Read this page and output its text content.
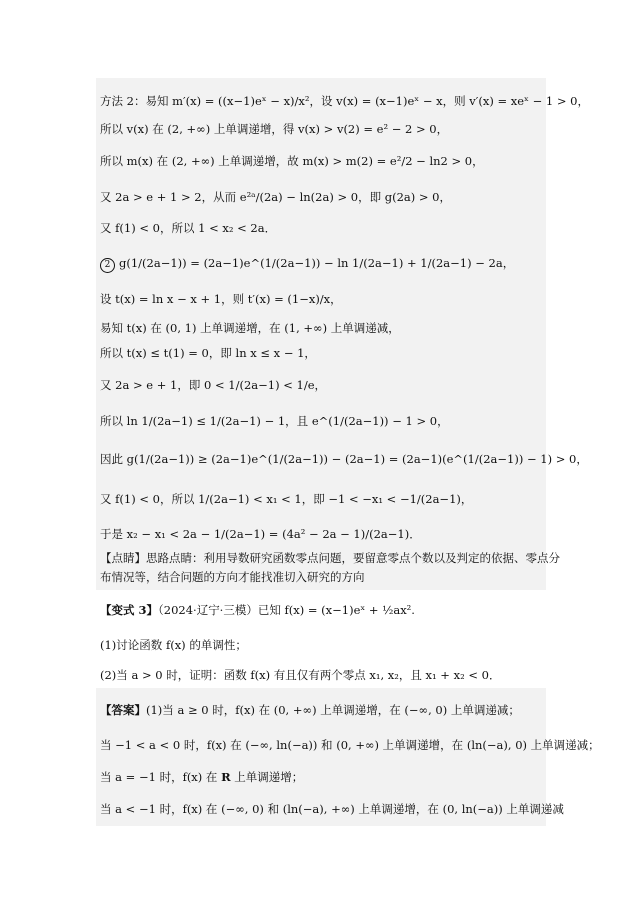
方法 2：易知 m′(x) = ((x−1)eˣ − x)/x²，设 v(x) = (x−1)eˣ − x，则 v′(x) = xeˣ − 1 > 0，
所以 v(x) 在 (2, +∞) 上单调递增，得 v(x) > v(2) = e² − 2 > 0，
所以 m(x) 在 (2, +∞) 上单调递增，故 m(x) > m(2) = e²/2 − ln2 > 0，
又 2a > e + 1 > 2，从而 e²ᵃ/(2a) − ln(2a) > 0，即 g(2a) > 0，
又 f(1) < 0，所以 1 < x₂ < 2a．
2 g(1/(2a−1)) = (2a−1)e^(1/(2a−1)) − ln 1/(2a−1) + 1/(2a−1) − 2a，
设 t(x) = ln x − x + 1，则 t′(x) = (1−x)/x，
易知 t(x) 在 (0, 1) 上单调递增，在 (1, +∞) 上单调递减，
所以 t(x) ≤ t(1) = 0，即 ln x ≤ x − 1，
又 2a > e + 1，即 0 < 1/(2a−1) < 1/e，
所以 ln 1/(2a−1) ≤ 1/(2a−1) − 1，且 e^(1/(2a−1)) − 1 > 0，
因此 g(1/(2a−1)) ≥ (2a−1)e^(1/(2a−1)) − (2a−1) = (2a−1)(e^(1/(2a−1)) − 1) > 0，
又 f(1) < 0，所以 1/(2a−1) < x₁ < 1，即 −1 < −x₁ < −1/(2a−1)，
于是 x₂ − x₁ < 2a − 1/(2a−1) = (4a² − 2a − 1)/(2a−1)．
【点睛】思路点睛：利用导数研究函数零点问题，要留意零点个数以及判定的依据、零点分
布情况等，结合问题的方向才能找准切入研究的方向
【变式 3】（2024·辽宁·三模）已知 f(x) = (x−1)eˣ + ½ax².
(1)讨论函数 f(x) 的单调性；
(2)当 a > 0 时，证明：函数 f(x) 有且仅有两个零点 x₁, x₂，且 x₁ + x₂ < 0．
【答案】(1)当 a ≥ 0 时，f(x) 在 (0, +∞) 上单调递增，在 (−∞, 0) 上单调递减；
当 −1 < a < 0 时，f(x) 在 (−∞, ln(−a)) 和 (0, +∞) 上单调递增，在 (ln(−a), 0) 上单调递减；
当 a = −1 时，f(x) 在 R 上单调递增；
当 a < −1 时，f(x) 在 (−∞, 0) 和 (ln(−a), +∞) 上单调递增，在 (0, ln(−a)) 上单调递减
